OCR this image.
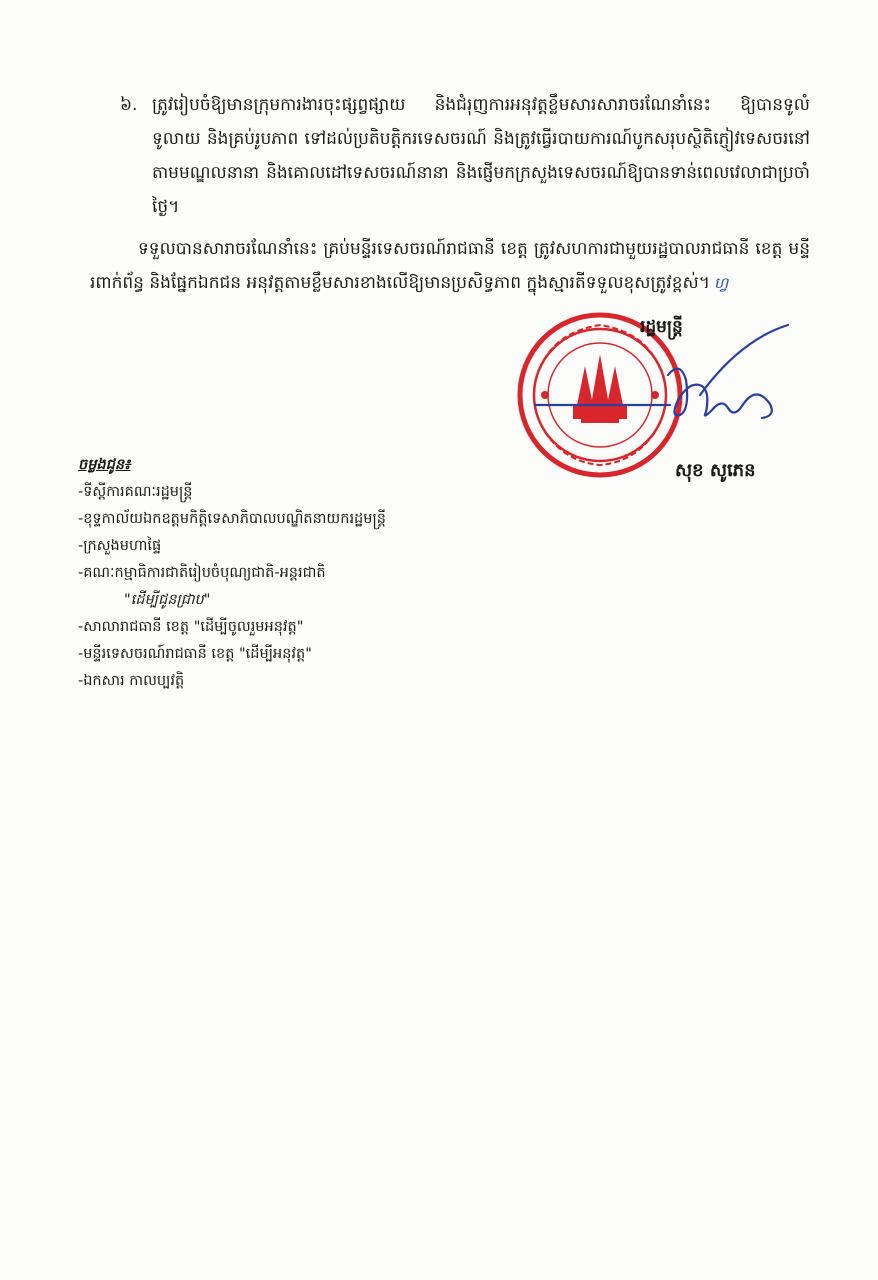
៦. ត្រូវរៀបចំឱ្យមានក្រុមការងារចុះផ្សព្វផ្សាយ និងជំរុញការអនុវត្តខ្លឹមសារសារាចរណែនាំនេះ ឱ្យបានទូលំទូលាយ និងគ្រប់រូបភាព ទៅដល់ប្រតិបត្តិករទេសចរណ៍ និងត្រូវធ្វើរបាយការណ៍បូកសរុបស្ថិតិភ្ញៀវទេសចរនៅតាមមណ្ឌលនានា និងគោលដៅទេសចរណ៍នានា និងផ្ញើមកក្រសួងទេសចរណ៍ឱ្យបានទាន់ពេលវេលាជាប្រចាំថ្ងៃ។
ទទួលបានសារាចរណែនាំនេះ គ្រប់មន្ទីរទេសចរណ៍រាជធានី ខេត្ត ត្រូវសហការជាមួយរដ្ឋបាលរាជធានី ខេត្ត មន្ទីរពាក់ព័ន្ធ និងផ្នែកឯកជន អនុវត្តតាមខ្លឹមសារខាងលើឱ្យមានប្រសិទ្ធភាព ក្នុងស្មារតីទទួលខុសត្រូវខ្ពស់។ ហ្វ
រដ្ឋមន្ត្រី
សុខ សូភេន
ចម្លងជូន៖
-ទីស្តីការគណៈរដ្ឋមន្ត្រី
-ខុទ្ទកាល័យឯកឧត្តមកិត្តិទេសាភិបាលបណ្ឌិតនាយករដ្ឋមន្ត្រី
-ក្រសួងមហាផ្ទៃ
-គណៈកម្មាធិការជាតិរៀបចំបុណ្យជាតិ-អន្តរជាតិ
"ដើម្បីជូនជ្រាប"
-សាលារាជធានី ខេត្ត "ដើម្បីចូលរួមអនុវត្ត"
-មន្ទីរទេសចរណ៍រាជធានី ខេត្ត "ដើម្បីអនុវត្ត"
-ឯកសារ កាលប្បវត្តិ
